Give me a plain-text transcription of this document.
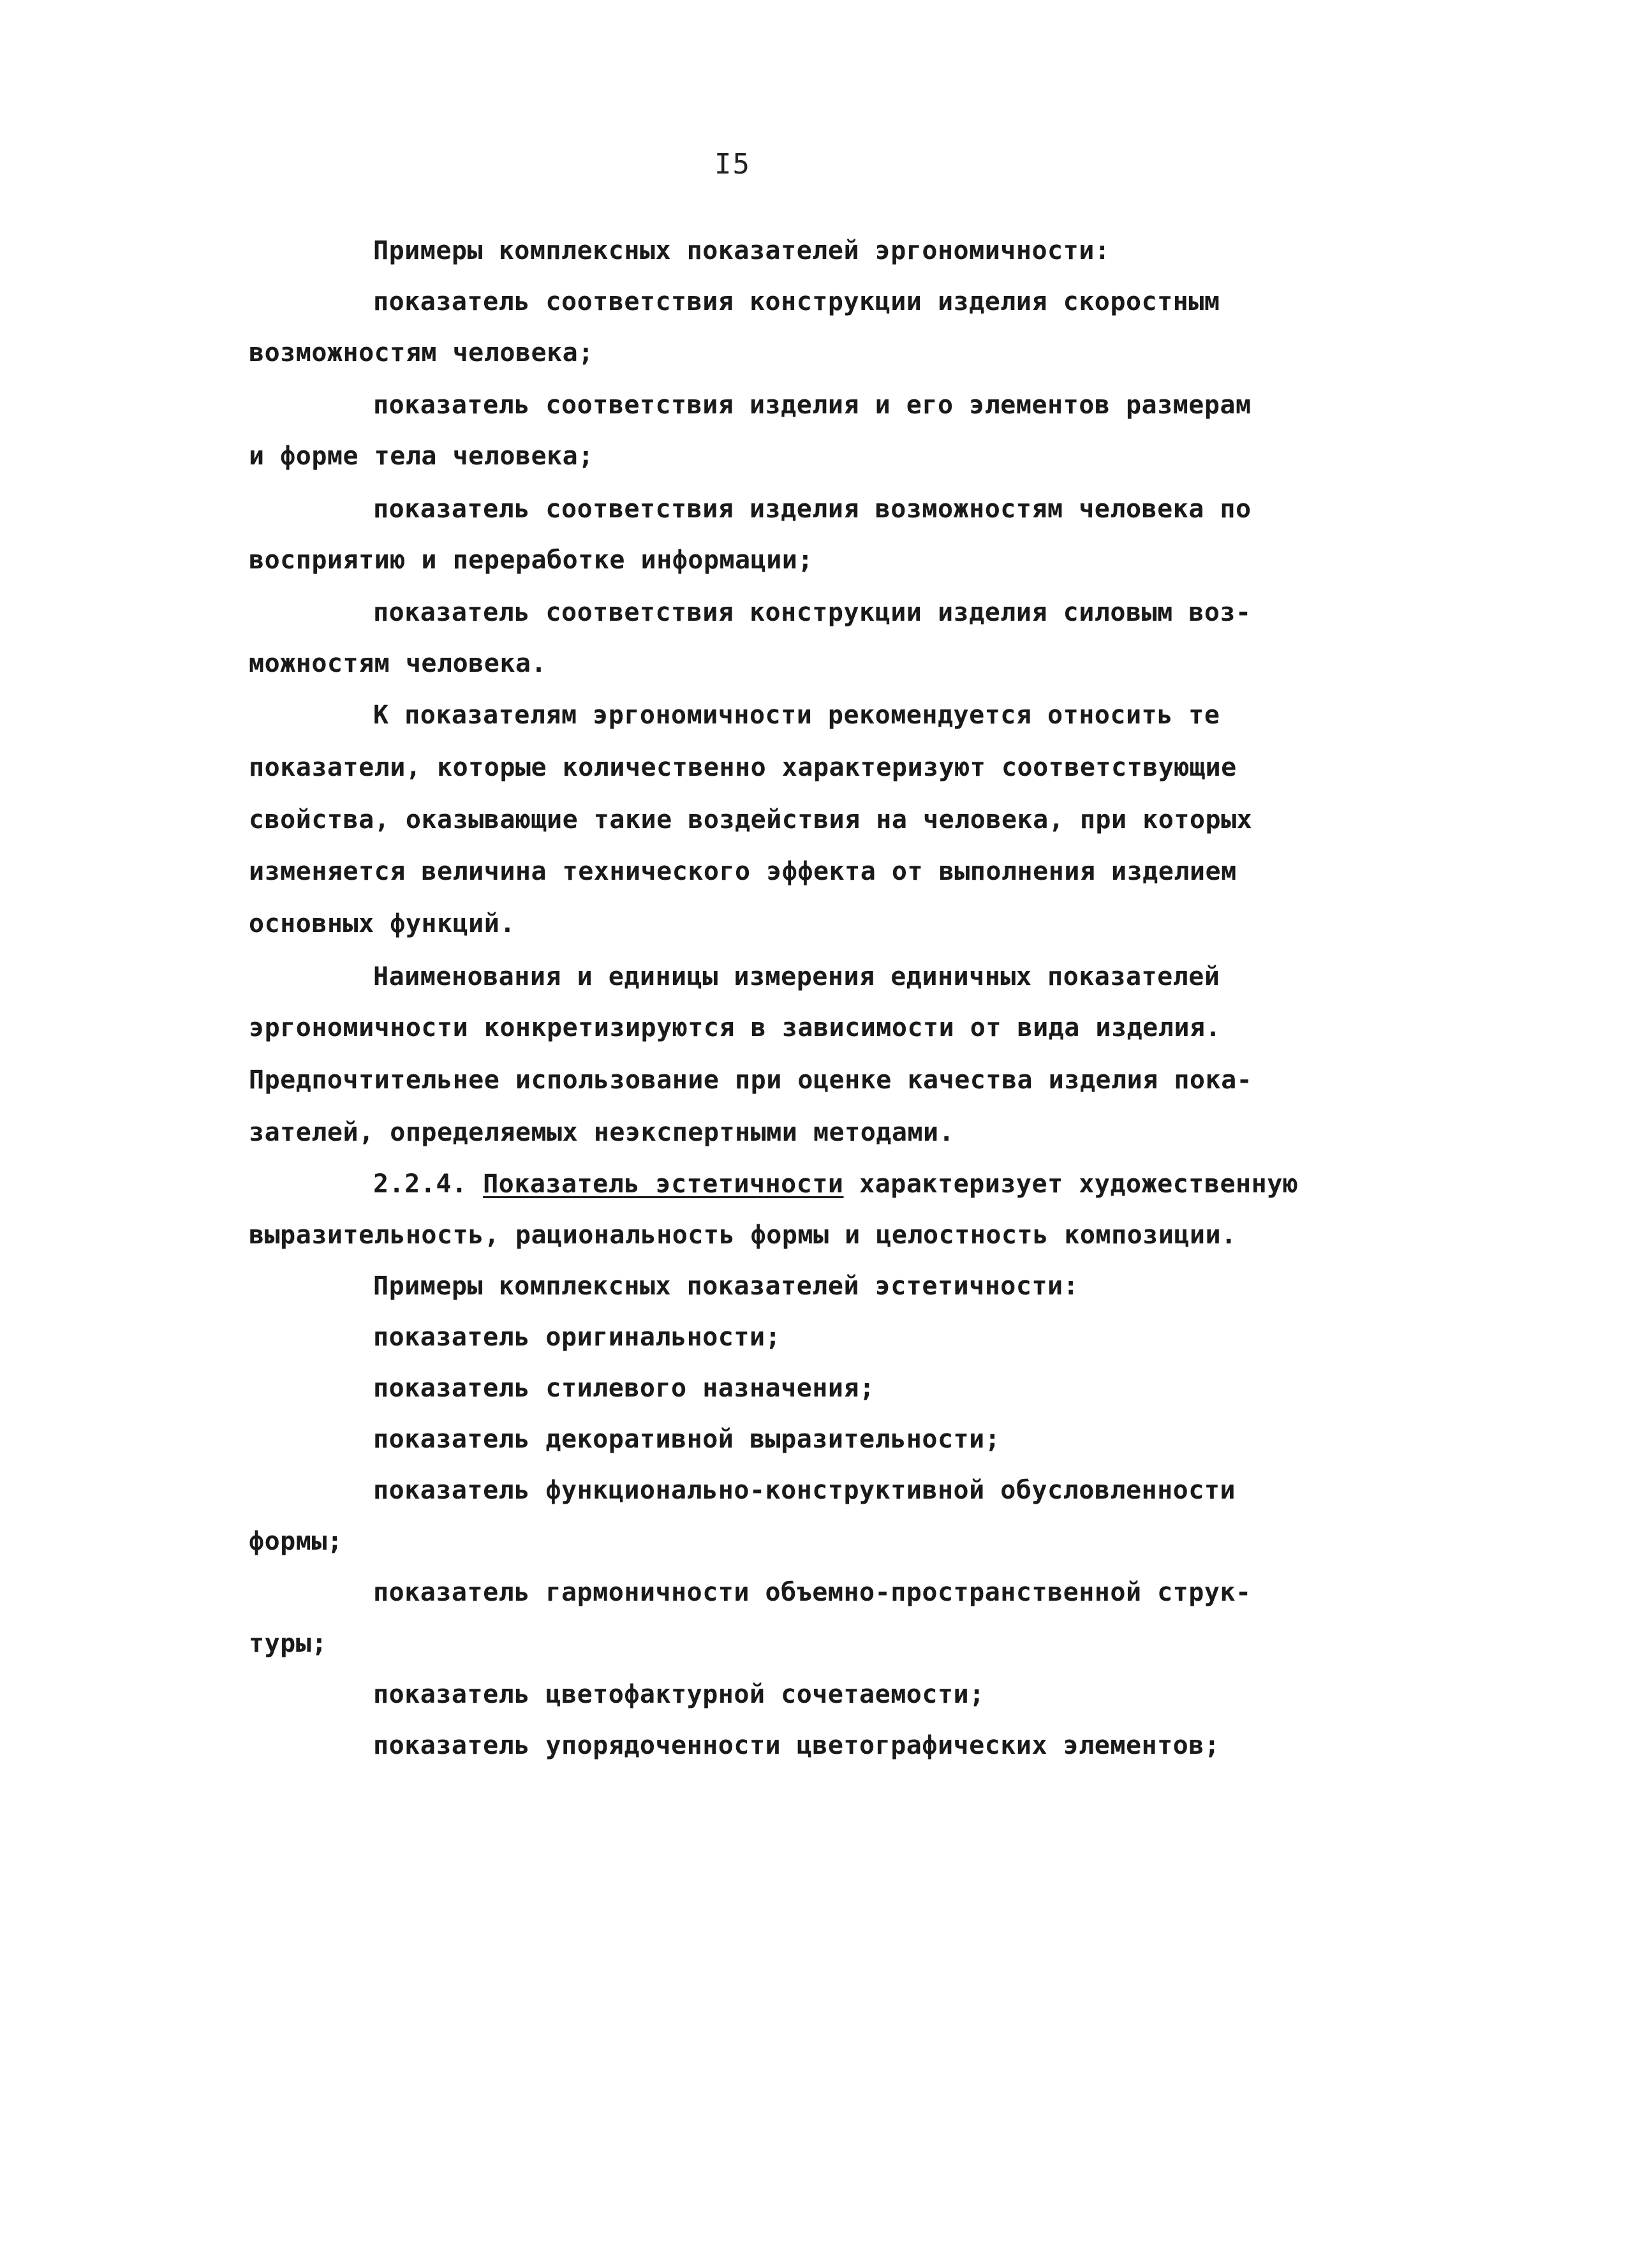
I5
Примеры комплексных показателей эргономичности:
показатель соответствия конструкции изделия скоростным
возможностям человека;
показатель соответствия изделия и его элементов размерам
и форме тела человека;
показатель соответствия изделия возможностям человека по
восприятию и переработке информации;
показатель соответствия конструкции изделия силовым воз-
можностям человека.
К показателям эргономичности рекомендуется относить те
показатели, которые количественно характеризуют соответствующие
свойства, оказывающие такие воздействия на человека, при которых
изменяется величина технического эффекта от выполнения изделием
основных функций.
Наименования и единицы измерения единичных показателей
эргономичности конкретизируются в зависимости от вида изделия.
Предпочтительнее использование при оценке качества изделия пока-
зателей, определяемых неэкспертными методами.
2.2.4. Показатель эстетичности характеризует художественную
выразительность, рациональность формы и целостность композиции.
Примеры комплексных показателей эстетичности:
показатель оригинальности;
показатель стилевого назначения;
показатель декоративной выразительности;
показатель функционально-конструктивной обусловленности
формы;
показатель гармоничности объемно-пространственной струк-
туры;
показатель цветофактурной сочетаемости;
показатель упорядоченности цветографических элементов;
